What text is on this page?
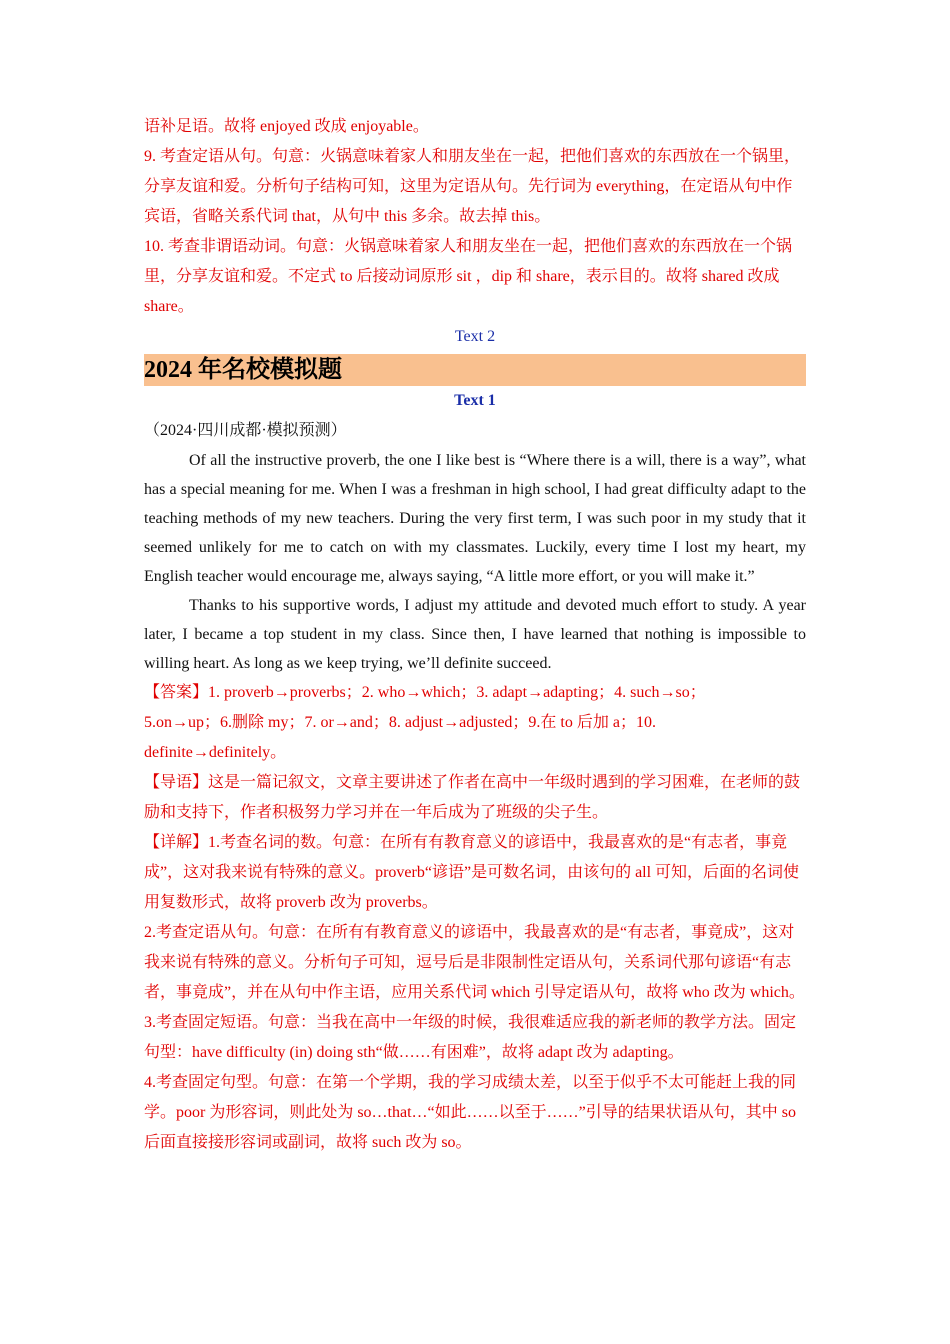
语补足语。故将 enjoyed 改成 enjoyable。

9. 考查定语从句。句意：火锅意味着家人和朋友坐在一起，把他们喜欢的东西放在一个锅里，分享友谊和爱。分析句子结构可知，这里为定语从句。先行词为 everything，在定语从句中作宾语，省略关系代词 that，从句中 this 多余。故去掉 this。

10. 考查非谓语动词。句意：火锅意味着家人和朋友坐在一起，把他们喜欢的东西放在一个锅里，分享友谊和爱。不定式 to 后接动词原形 sit ，dip 和 share，表示目的。故将 shared 改成 share。

Text 2

2024 年名校模拟题

Text 1

（2024·四川成都·模拟预测）

Of all the instructive proverb, the one I like best is “Where there is a will, there is a way”, what has a special meaning for me. When I was a freshman in high school, I had great difficulty adapt to the teaching methods of my new teachers. During the very first term, I was such poor in my study that it seemed unlikely for me to catch on with my classmates. Luckily, every time I lost my heart, my English teacher would encourage me, always saying, “A little more effort, or you will make it.”

Thanks to his supportive words, I adjust my attitude and devoted much effort to study. A year later, I became a top student in my class. Since then, I have learned that nothing is impossible to willing heart. As long as we keep trying, we’ll definite succeed.

【答案】1. proverb→proverbs；2. who→which；3. adapt→adapting；4. such→so；
5.on→up；6.删除 my；7. or→and；8. adjust→adjusted；9.在 to 后加 a；10.
definite→definitely。

【导语】这是一篇记叙文，文章主要讲述了作者在高中一年级时遇到的学习困难，在老师的鼓励和支持下，作者积极努力学习并在一年后成为了班级的尖子生。

【详解】1.考查名词的数。句意：在所有有教育意义的谚语中，我最喜欢的是“有志者，事竟成”，这对我来说有特殊的意义。proverb“谚语”是可数名词，由该句的 all 可知，后面的名词使用复数形式，故将 proverb 改为 proverbs。

2.考查定语从句。句意：在所有有教育意义的谚语中，我最喜欢的是“有志者，事竟成”，这对我来说有特殊的意义。分析句子可知，逗号后是非限制性定语从句，关系词代那句谚语“有志者，事竟成”，并在从句中作主语，应用关系代词 which 引导定语从句，故将 who 改为 which。

3.考查固定短语。句意：当我在高中一年级的时候，我很难适应我的新老师的教学方法。固定句型：have difficulty (in) doing sth“做……有困难”，故将 adapt 改为 adapting。

4.考查固定句型。句意：在第一个学期，我的学习成绩太差，以至于似乎不太可能赶上我的同学。poor 为形容词，则此处为 so…that…“如此……以至于……”引导的结果状语从句，其中 so 后面直接接形容词或副词，故将 such 改为 so。
